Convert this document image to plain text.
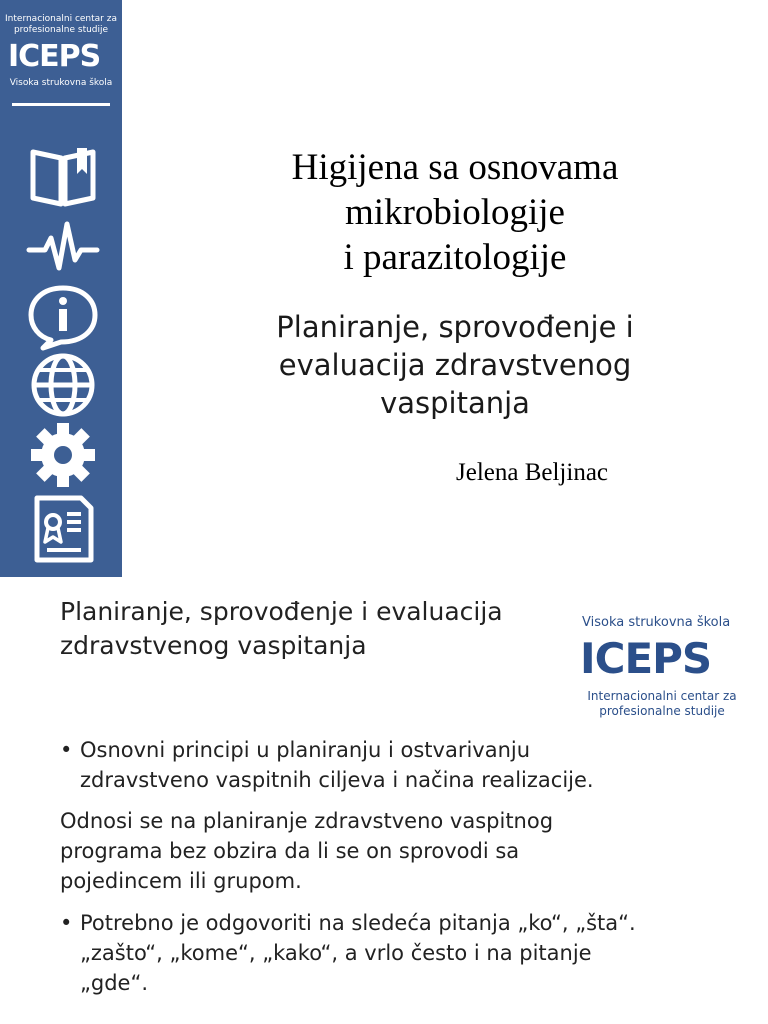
Internacionalni centar za profesionalne studije
ICEPS
Visoka strukovna škola
Higijena sa osnovama
mikrobiologije
i parazitologije
Planiranje, sprovođenje i
evaluacija zdravstvenog
vaspitanja
Jelena Beljinac
Planiranje, sprovođenje i evaluacija
zdravstvenog vaspitanja
Visoka strukovna škola
ICEPS
Internacionalni centar za
profesionalne studije
• Osnovni principi u planiranju i ostvarivanju
zdravstveno vaspitnih ciljeva i načina realizacije.
Odnosi se na planiranje zdravstveno vaspitnog
programa bez obzira da li se on sprovodi sa
pojedincem ili grupom.
• Potrebno je odgovoriti na sledeća pitanja „ko“, „šta“.
„zašto“, „kome“, „kako“, a vrlo često i na pitanje
„gde“.
